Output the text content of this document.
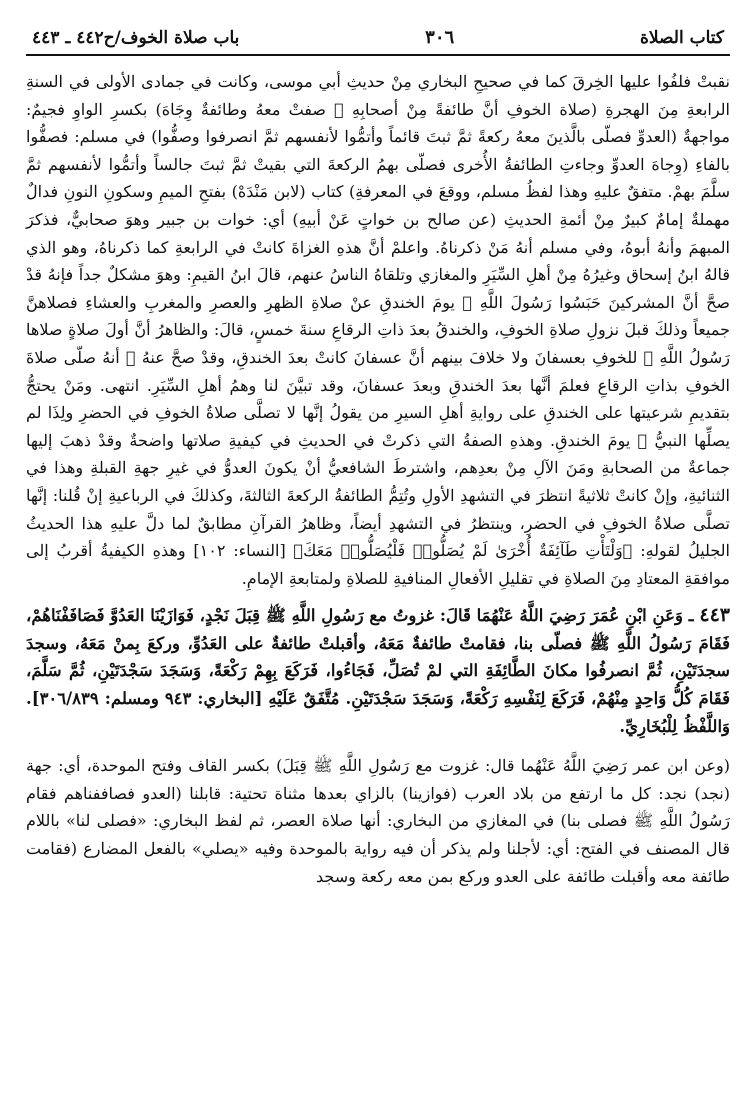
كتاب الصلاة
٣٠٦
باب صلاة الخوف/ح٤٤٢ ـ ٤٤٣

نقبتْ فلفُوا عليها الخِرقَ كما في صحيحِ البخاري مِنْ حديثِ أبي موسى، وكانت في جمادى الأولى في السنةِ الرابعةِ مِنَ الهجرةِ (صلاة الخوفِ أنَّ طائفةً مِنْ أصحابِهِ ﷺ صفتْ معهُ وطائفةٌ وِجَاهَ) بكسرِ الواوِ فجيمٌ: مواجهةٌ (العدوِّ فصلّى بالَّذينَ معهُ ركعةً ثمَّ ثبتَ قائماً وأتمُّوا لأنفسهم ثمَّ انصرفوا وصفُّوا) في مسلم: فصفُّوا بالفاءِ (وِجاهَ العدوِّ وجاءتِ الطائفةُ الأُخرى فصلّى بهمُ الركعةَ التي بقيتْ ثمَّ ثبتَ جالساً وأتمُّوا لأنفسهم ثمَّ سلَّمَ بهمْ. متفقٌ عليهِ وهذا لفظُ مسلم، ووقعَ في المعرفةِ) كتاب (لابن مَنْدَهْ) بفتحِ الميمِ وسكونِ النونِ فدالٌ مهملةٌ إمامٌ كبيرٌ مِنْ أئمةِ الحديثِ (عن صالح بن خواتٍ عَنْ أبيهِ) أي: خوات بن جبير وهوَ صحابيٌّ، فذكرَ المبهمَ وأنهُ أبوهُ، وفي مسلم أنهُ مَنْ ذكرناهُ. واعلمْ أنَّ هذهِ الغزاةَ كانتْ في الرابعةِ كما ذكرناهُ، وهو الذي قالهُ ابنُ إسحاق وغيرُهُ مِنْ أهلِ السِّيَرِ والمغازي وتلقاهُ الناسُ عنهم، قالَ ابنُ القيمِ: وهوَ مشكلٌ جداً فإنهُ قدْ صحَّ أنَّ المشركينَ حَبَسُوا رَسُولَ اللَّهِ ﷺ يومَ الخندقِ عنْ صلاةِ الظهرِ والعصرِ والمغربِ والعشاءِ فصلاهنَّ جميعاً وذلكَ قبلَ نزولِ صلاةِ الخوفِ، والخندقُ بعدَ ذاتِ الرقاعِ سنةَ خمسٍ، قالَ: والظاهرُ أنَّ أولَ صلاةٍ صلاها رَسُولُ اللَّهِ ﷺ للخوفِ بعسفانَ ولا خلافَ بينهم أنَّ عسفانَ كانتْ بعدَ الخندقِ، وقدْ صحَّ عنهُ ﷺ أنهُ صلّى صلاةَ الخوفِ بذاتِ الرقاعِ فعلمَ أنَّها بعدَ الخندقِ وبعدَ عسفانَ، وقد تبيَّنَ لنا وهمُ أهلِ السِّيَرِ. انتهى. ومَنْ يحتجُّ بتقديمِ شرعيتها على الخندقِ على روايةِ أهلِ السيرِ من يقولُ إنَّها لا تصلَّى صلاةُ الخوفِ في الحضرِ ولِذَا لم يصلِّها النبيُّ ﷺ يومَ الخندقِ. وهذهِ الصفةُ التي ذكرتْ في الحديثِ في كيفيةِ صلاتها واضحةٌ وقدْ ذهبَ إليها جماعةٌ من الصحابةِ ومَنَ الآلِ مِنْ بعدِهم، واشترطَ الشافعيُّ أنْ يكونَ العدوُّ في غيرِ جهةِ القبلةِ وهذا في الثنائيةِ، وإنْ كانتْ ثلاثيةً انتظرَ في التشهدِ الأولِ وتُتِمُّ الطائفةُ الركعةَ الثالثةَ، وكذلكَ في الرباعيةِ إنْ قُلنا: إنَّها تصلَّى صلاةُ الخوفِ في الحضرِ، وينتظرُ في التشهدِ أيضاً، وظاهرُ القرآنِ مطابقٌ لما دلَّ عليهِ هذا الحديثُ الجليلُ لقولهِ: ﴿وَلْتَأْتِ طَآئِفَةٌ أُخْرَىٰ لَمْ يُصَلُّوا۟ فَلْيُصَلُّوا۟ مَعَكَ﴾ [النساء: ١٠٢] وهذهِ الكيفيةُ أقربُ إلى موافقةِ المعتادِ مِنَ الصلاةِ في تقليلِ الأفعالِ المنافيةِ للصلاةِ ولمتابعةِ الإمامِ.

٤٤٣ ـ وَعَنِ ابْنِ عُمَرَ رَضِيَ اللَّهُ عَنْهُمَا قَالَ: غزوتُ مع رَسُولِ اللَّهِ ﷺ قِبَلَ نَجْدٍ، فَوَازَيْنَا العَدُوَّ فَصَافَفْنَاهُمْ، فَقَامَ رَسُولُ اللَّهِ ﷺ فصلّى بنا، فقامتْ طائفةٌ مَعَهُ، وأقبلتْ طائفةٌ على العَدُوِّ، وركعَ بِمنْ مَعَهُ، وسجدَ سجدَتَيْنِ، ثُمَّ انصرفُوا مكانَ الطَّائِفَةِ التي لمْ تُصَلِّ، فَجَاءُوا، فَرَكَعَ بِهِمْ رَكْعَةً، وَسَجَدَ سَجْدَتَيْنِ، ثُمَّ سَلَّمَ، فَقَامَ كُلُّ وَاحِدٍ مِنْهُمْ، فَرَكَعَ لِنَفْسِهِ رَكْعَةً، وَسَجَدَ سَجْدَتَيْنِ. مُتَّفَقٌ عَلَيْهِ [البخاري: ٩٤٣ ومسلم: ٣٠٦/٨٣٩]. وَاللَّفْظُ لِلْبُخَارِيِّ.

(وعن ابن عمر رَضِيَ اللَّهُ عَنْهُما قال: غزوت مع رَسُولِ اللَّهِ ﷺ قِبَلَ) بكسر القاف وفتح الموحدة، أي: جهة (نجد) نجد: كل ما ارتفع من بلاد العرب (فوازينا) بالزاي بعدها مثناة تحتية: قابلنا (العدو فصاففناهم فقام رَسُولُ اللَّهِ ﷺ فصلى بنا) في المغازي من البخاري: أنها صلاة العصر، ثم لفظ البخاري: «فصلى لنا» باللام قال المصنف في الفتح: أي: لأجلنا ولم يذكر أن فيه رواية بالموحدة وفيه «يصلي» بالفعل المضارع (فقامت طائفة معه وأقبلت طائفة على العدو وركع بمن معه ركعة وسجد
